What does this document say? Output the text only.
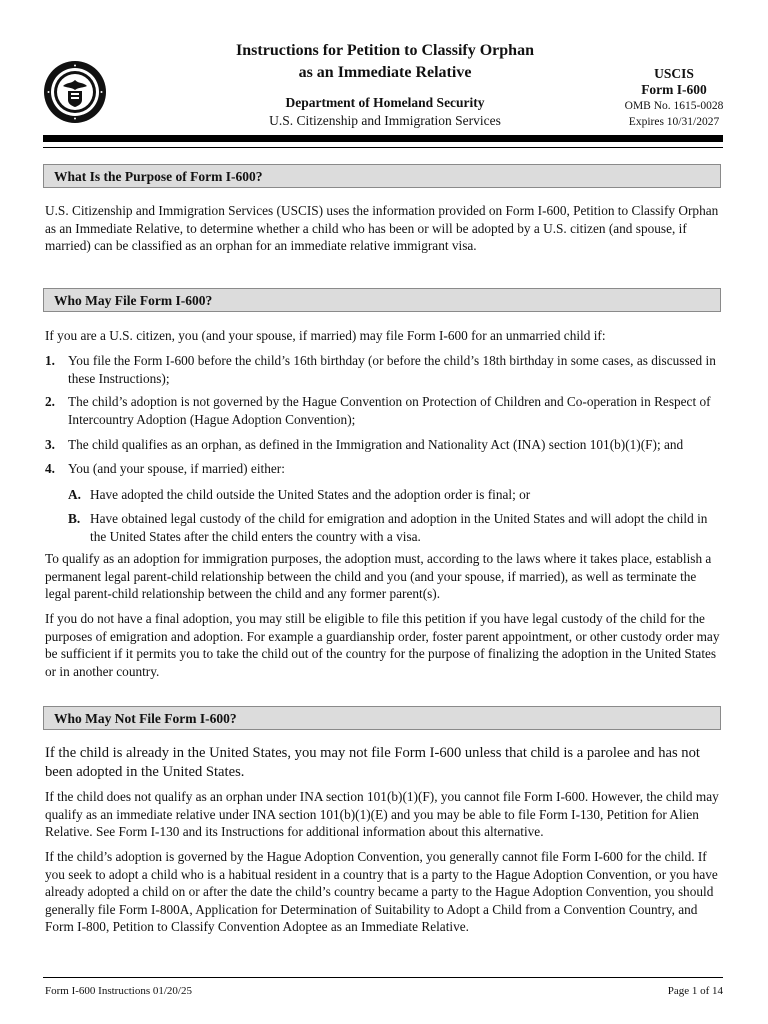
Instructions for Petition to Classify Orphan
as an Immediate Relative
Department of Homeland Security
U.S. Citizenship and Immigration Services
USCIS
Form I-600
OMB No. 1615-0028
Expires 10/31/2027
What Is the Purpose of Form I-600?

U.S. Citizenship and Immigration Services (USCIS) uses the information provided on Form I-600, Petition to Classify Orphan as an Immediate Relative, to determine whether a child who has been or will be adopted by a U.S. citizen (and spouse, if married) can be classified as an orphan for an immediate relative immigrant visa.

Who May File Form I-600?

If you are a U.S. citizen, you (and your spouse, if married) may file Form I-600 for an unmarried child if:

1. You file the Form I-600 before the child’s 16th birthday (or before the child’s 18th birthday in some cases, as discussed in these Instructions);
2. The child’s adoption is not governed by the Hague Convention on Protection of Children and Co-operation in Respect of Intercountry Adoption (Hague Adoption Convention);
3. The child qualifies as an orphan, as defined in the Immigration and Nationality Act (INA) section 101(b)(1)(F); and
4. You (and your spouse, if married) either:
A. Have adopted the child outside the United States and the adoption order is final; or
B. Have obtained legal custody of the child for emigration and adoption in the United States and will adopt the child in the United States after the child enters the country with a visa.

To qualify as an adoption for immigration purposes, the adoption must, according to the laws where it takes place, establish a permanent legal parent-child relationship between the child and you (and your spouse, if married), as well as terminate the legal parent-child relationship between the child and any former parent(s).

If you do not have a final adoption, you may still be eligible to file this petition if you have legal custody of the child for the purposes of emigration and adoption. For example a guardianship order, foster parent appointment, or other custody order may be sufficient if it permits you to take the child out of the country for the purpose of finalizing the adoption in the United States or in another country.

Who May Not File Form I-600?

If the child is already in the United States, you may not file Form I-600 unless that child is a parolee and has not been adopted in the United States.

If the child does not qualify as an orphan under INA section 101(b)(1)(F), you cannot file Form I-600. However, the child may qualify as an immediate relative under INA section 101(b)(1)(E) and you may be able to file Form I-130, Petition for Alien Relative. See Form I-130 and its Instructions for additional information about this alternative.

If the child’s adoption is governed by the Hague Adoption Convention, you generally cannot file Form I-600 for the child. If you seek to adopt a child who is a habitual resident in a country that is a party to the Hague Adoption Convention, or you have already adopted a child on or after the date the child’s country became a party to the Hague Adoption Convention, you should generally file Form I-800A, Application for Determination of Suitability to Adopt a Child from a Convention Country, and Form I-800, Petition to Classify Convention Adoptee as an Immediate Relative.

Form I-600 Instructions 01/20/25	Page 1 of 14
